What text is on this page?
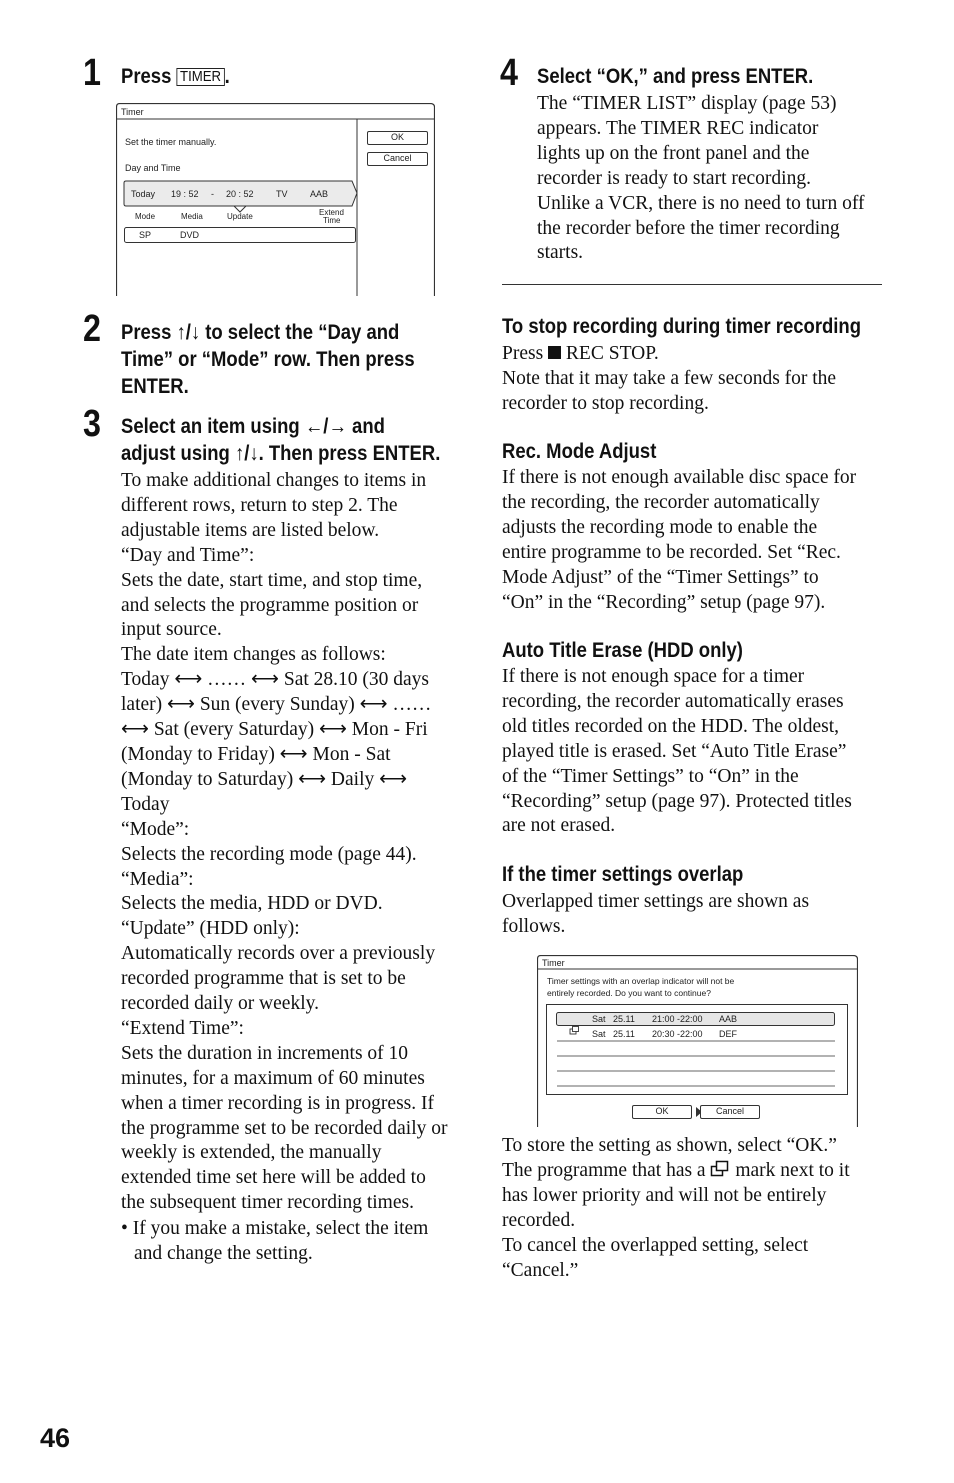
1 Press TIMER .
Timer
Set the timer manually.
Day and Time
Today 19 : 52 - 20 : 52 TV AAB
Mode	Media	Update	Extend
Time
SP	DVD
OK
Cancel
2 Press ↑/↓ to select the “Day and
Time” or “Mode” row. Then press
ENTER.
3 Select an item using ←/→ and
adjust using ↑/↓. Then press ENTER.
To make additional changes to items in
different rows, return to step 2. The
adjustable items are listed below.
“Day and Time”:
Sets the date, start time, and stop time,
and selects the programme position or
input source.
The date item changes as follows:
Today ⟷ …… ⟷ Sat 28.10 (30 days
later) ⟷ Sun (every Sunday) ⟷ ……
⟷ Sat (every Saturday) ⟷ Mon - Fri
(Monday to Friday) ⟷ Mon - Sat
(Monday to Saturday) ⟷ Daily ⟷
Today
“Mode”:
Selects the recording mode (page 44).
“Media”:
Selects the media, HDD or DVD.
“Update” (HDD only):
Automatically records over a previously
recorded programme that is set to be
recorded daily or weekly.
“Extend Time”:
Sets the duration in increments of 10
minutes, for a maximum of 60 minutes
when a timer recording is in progress. If
the programme set to be recorded daily or
weekly is extended, the manually
extended time set here will be added to
the subsequent timer recording times.
• If you make a mistake, select the item
and change the setting.
4 Select “OK,” and press ENTER.
The “TIMER LIST” display (page 53)
appears. The TIMER REC indicator
lights up on the front panel and the
recorder is ready to start recording.
Unlike a VCR, there is no need to turn off
the recorder before the timer recording
starts.
To stop recording during timer recording
Press REC STOP.
Note that it may take a few seconds for the
recorder to stop recording.
Rec. Mode Adjust
If there is not enough available disc space for
the recording, the recorder automatically
adjusts the recording mode to enable the
entire programme to be recorded. Set “Rec.
Mode Adjust” of the “Timer Settings” to
“On” in the “Recording” setup (page 97).
Auto Title Erase (HDD only)
If there is not enough space for a timer
recording, the recorder automatically erases
old titles recorded on the HDD. The oldest,
played title is erased. Set “Auto Title Erase”
of the “Timer Settings” to “On” in the
“Recording” setup (page 97). Protected titles
are not erased.
If the timer settings overlap
Overlapped timer settings are shown as
follows.
Timer
Timer settings with an overlap indicator will not be
entirely recorded. Do you want to continue?
Sat 25.11 21:00 -22:00 AAB
Sat 25.11 20:30 -22:00 DEF
OK	Cancel
To store the setting as shown, select “OK.”
The programme that has a mark next to it
has lower priority and will not be entirely
recorded.
To cancel the overlapped setting, select
“Cancel.”
46
